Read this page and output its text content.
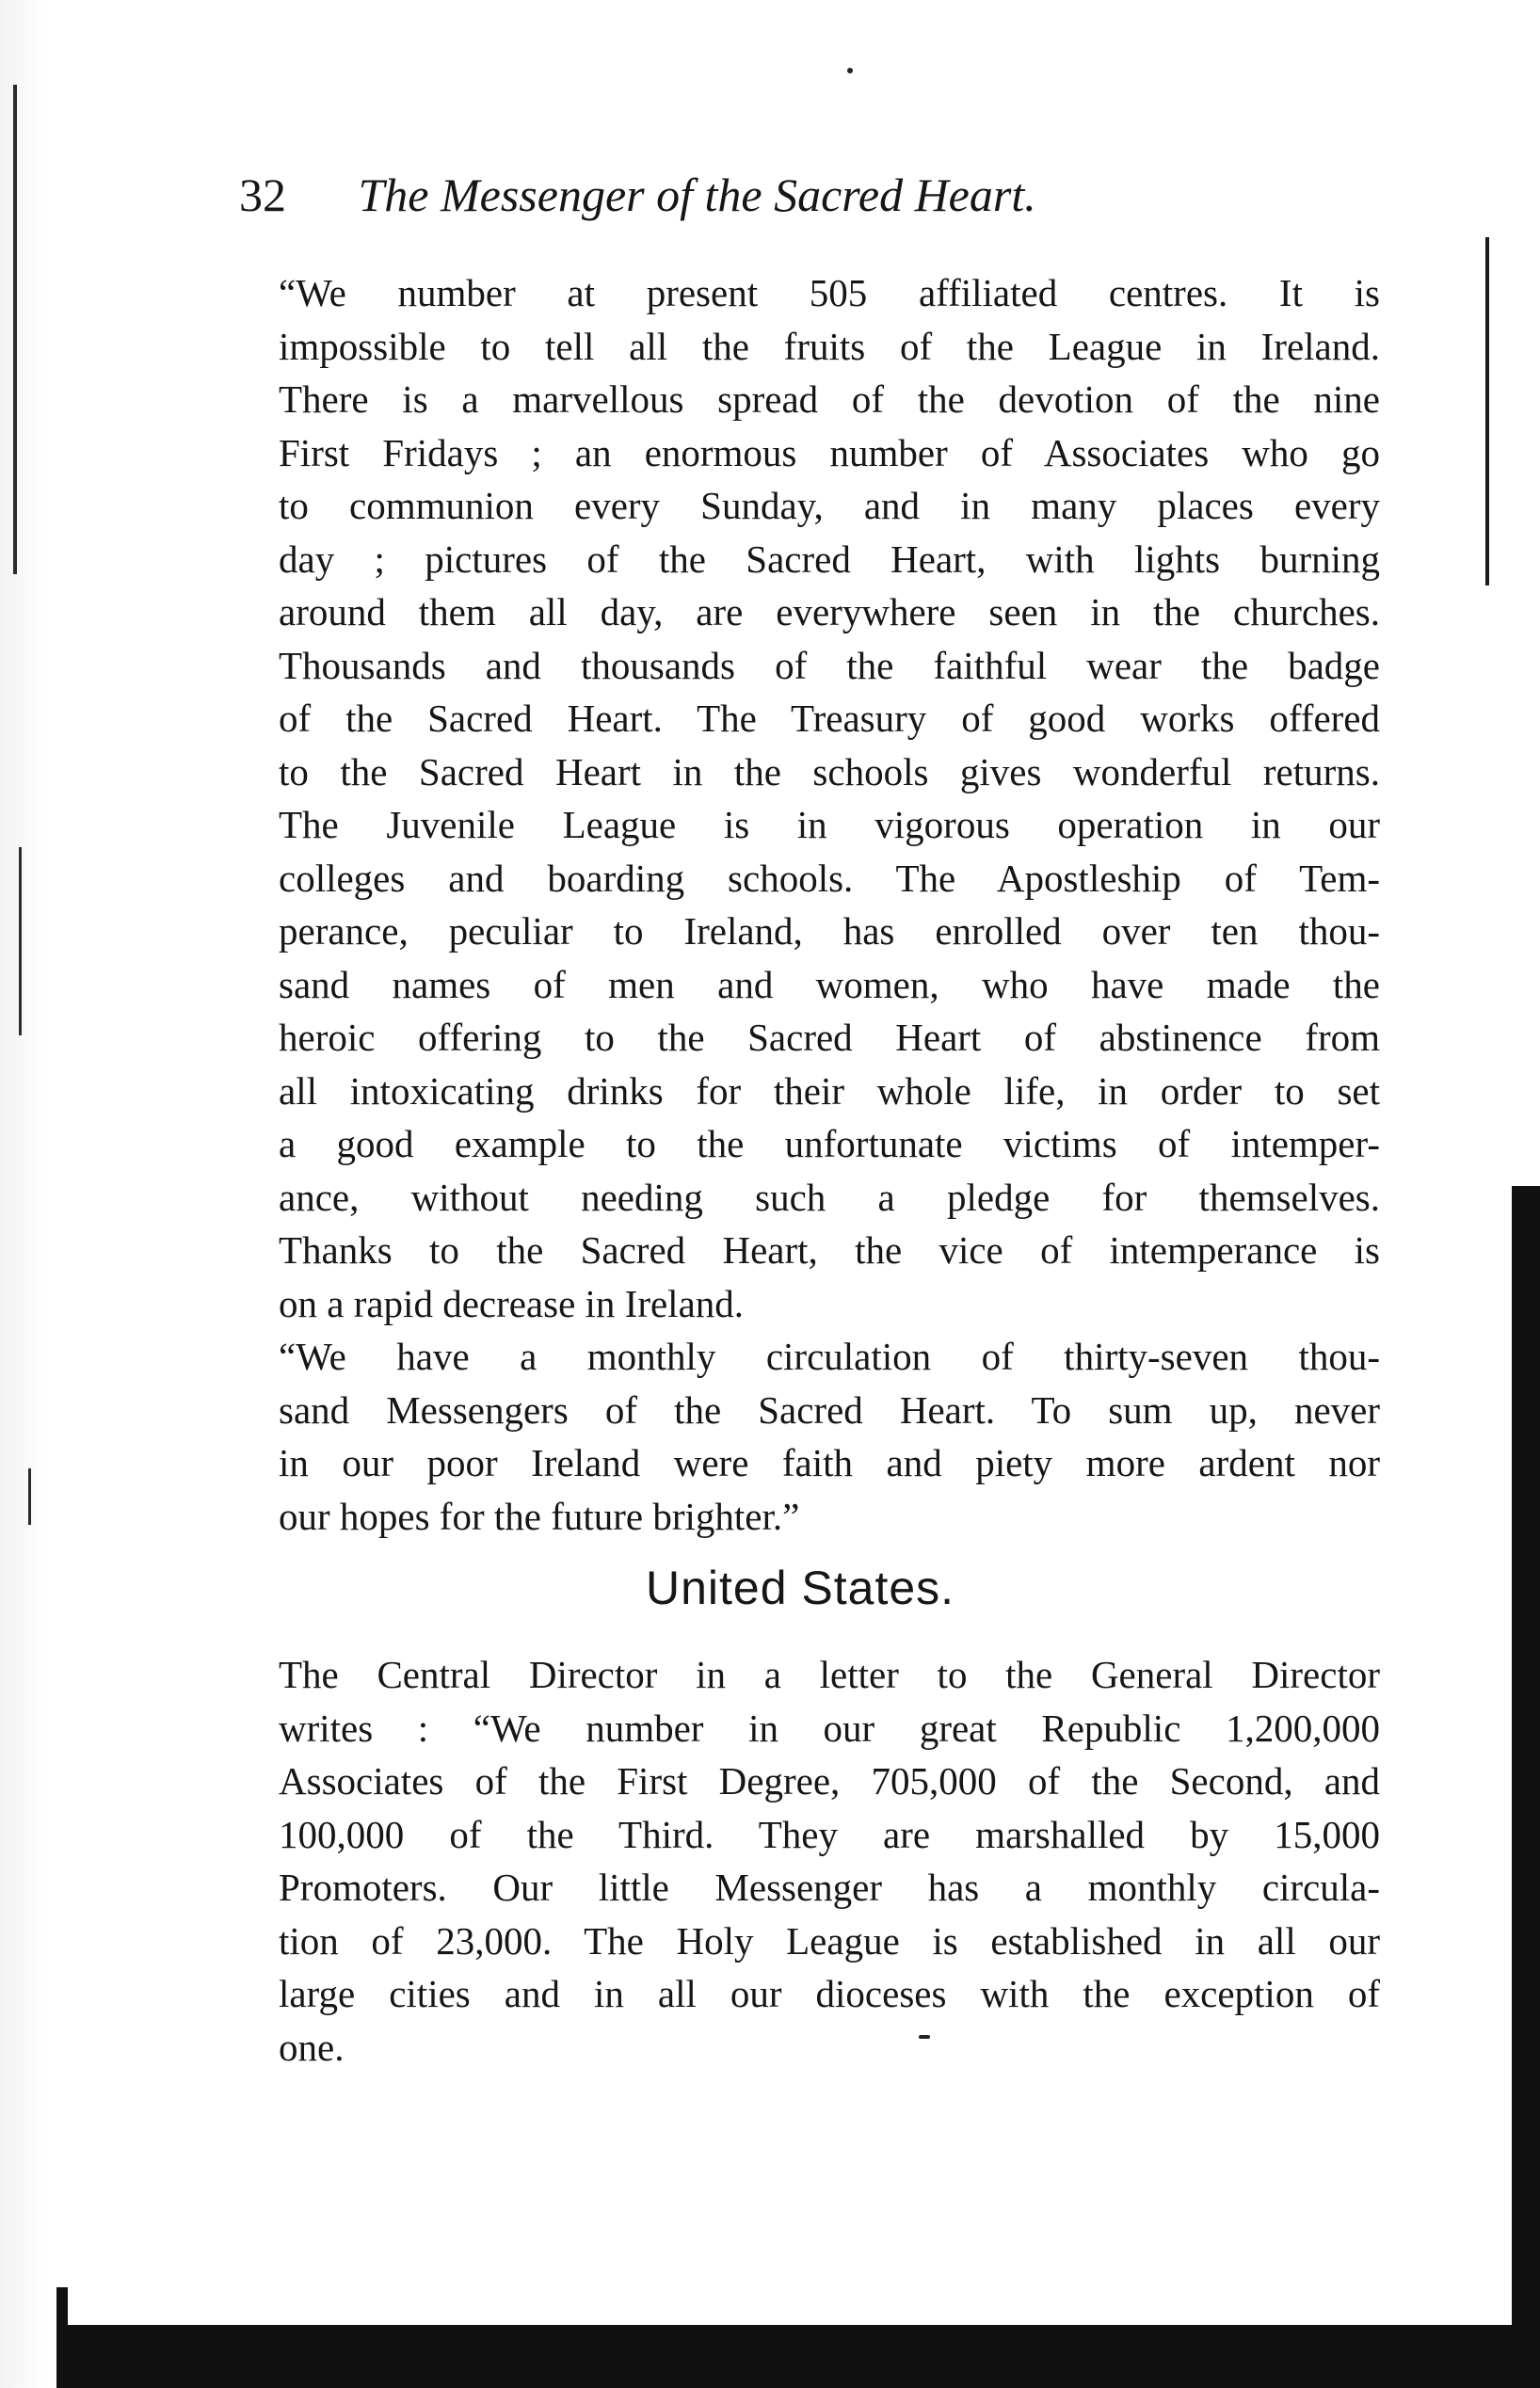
32 The Messenger of the Sacred Heart.

“We number at present 505 affiliated centres. It is
impossible to tell all the fruits of the League in Ireland.
There is a marvellous spread of the devotion of the nine
First Fridays ; an enormous number of Associates who go
to communion every Sunday, and in many places every
day ; pictures of the Sacred Heart, with lights burning
around them all day, are everywhere seen in the churches.
Thousands and thousands of the faithful wear the badge
of the Sacred Heart. The Treasury of good works offered
to the Sacred Heart in the schools gives wonderful returns.
The Juvenile League is in vigorous operation in our
colleges and boarding schools. The Apostleship of Tem-
perance, peculiar to Ireland, has enrolled over ten thou-
sand names of men and women, who have made the
heroic offering to the Sacred Heart of abstinence from
all intoxicating drinks for their whole life, in order to set
a good example to the unfortunate victims of intemper-
ance, without needing such a pledge for themselves.
Thanks to the Sacred Heart, the vice of intemperance is
on a rapid decrease in Ireland.

“We have a monthly circulation of thirty-seven thou-
sand Messengers of the Sacred Heart. To sum up, never
in our poor Ireland were faith and piety more ardent nor
our hopes for the future brighter.”

United States.

The Central Director in a letter to the General Director
writes : “We number in our great Republic 1,200,000
Associates of the First Degree, 705,000 of the Second, and
100,000 of the Third. They are marshalled by 15,000
Promoters. Our little Messenger has a monthly circula-
tion of 23,000. The Holy League is established in all our
large cities and in all our dioceses with the exception of
one.
